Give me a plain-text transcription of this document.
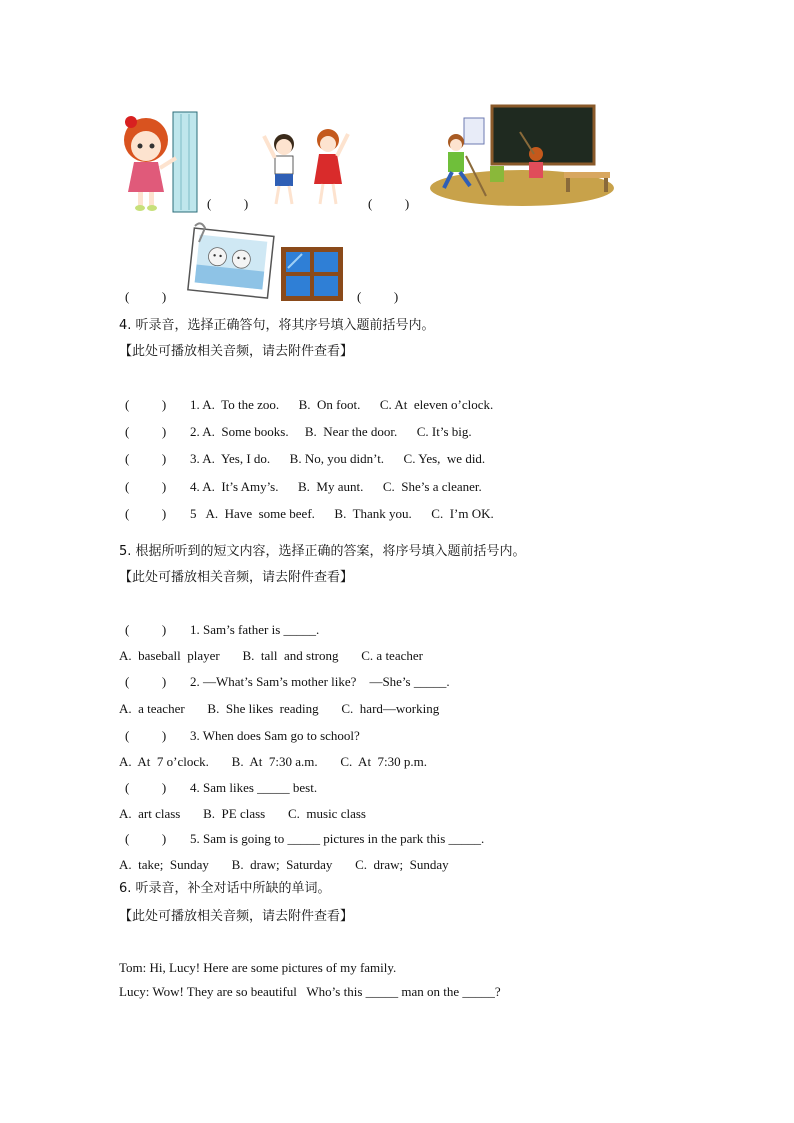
(          )	(          )
(          )	(          )
4. 听录音，选择正确答句，将其序号填入题前括号内。
【此处可播放相关音频，请去附件查看】
(          ) 1. A.  To the zoo.      B.  On foot.      C. At  eleven o’clock.
(          ) 2. A.  Some books.     B.  Near the door.      C. It’s big.
(          ) 3. A.  Yes, I do.      B. No, you didn’t.      C. Yes,  we did.
(          ) 4. A.  It’s Amy’s.      B.  My aunt.      C.  She’s a cleaner.
(          ) 5   A.  Have  some beef.      B.  Thank you.      C.  I’m OK.
5. 根据所听到的短文内容，选择正确的答案，将序号填入题前括号内。
【此处可播放相关音频，请去附件查看】
(          ) 1. Sam’s father is _____.
A.  baseball  player       B.  tall  and strong       C. a teacher
(          ) 2. —What’s Sam’s mother like?    —She’s _____.
A.  a teacher       B.  She likes  reading       C.  hard—working
(          ) 3. When does Sam go to school?
A.  At  7 o’clock.       B.  At  7:30 a.m.       C.  At  7:30 p.m.
(          ) 4. Sam likes _____ best.
A.  art class       B.  PE class       C.  music class
(          ) 5. Sam is going to _____ pictures in the park this _____.
A.  take;  Sunday       B.  draw;  Saturday       C.  draw;  Sunday
6. 听录音，补全对话中所缺的单词。
【此处可播放相关音频，请去附件查看】
Tom: Hi, Lucy! Here are some pictures of my family.
Lucy: Wow! They are so beautiful   Who’s this _____ man on the _____?
